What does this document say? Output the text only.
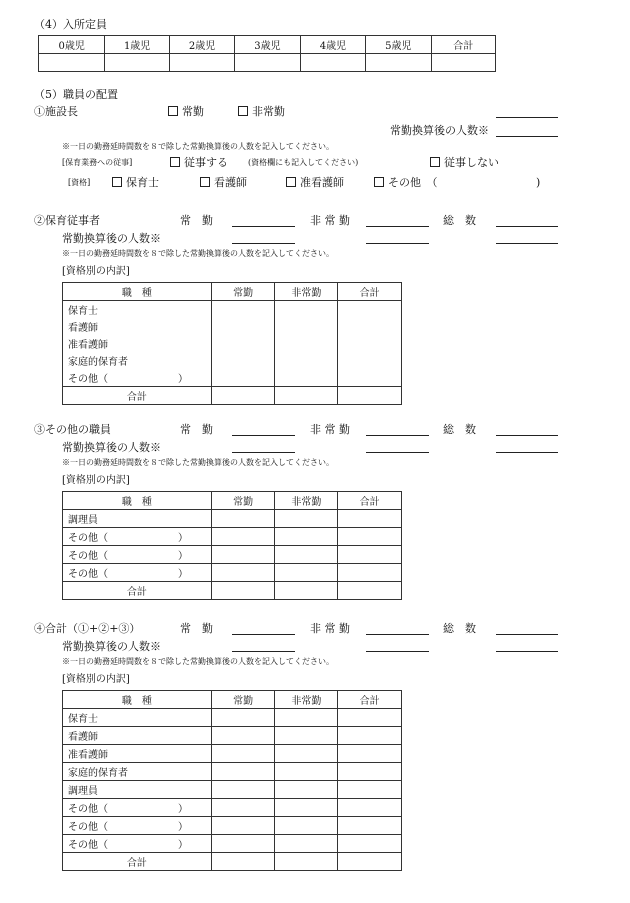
（4）入所定員
0歳児	1歳児	2歳児	3歳児	4歳児	5歳児	合計

（5）職員の配置
①施設長	常勤	非常勤
常勤換算後の人数※
※一日の勤務延時間数を８で除した常勤換算後の人数を記入してください。
[保育業務への従事]	従事する	(資格欄にも記入してください)	従事しない
[資格]	保育士	看護師	准看護師	その他　（	)
②保育従事者	常　勤	非 常 勤	総　数
常勤換算後の人数※
※一日の勤務延時間数を８で除した常勤換算後の人数を記入してください。
[資格別の内訳]
職　種	常勤	非常勤	合計
保育士			
看護師			
准看護師			
家庭的保育者			
その他（　　　　　　　）			
合計			
③その他の職員	常　勤	非 常 勤	総　数
常勤換算後の人数※
※一日の勤務延時間数を８で除した常勤換算後の人数を記入してください。
[資格別の内訳]
職　種	常勤	非常勤	合計
調理員			
その他（　　　　　　　）			
その他（　　　　　　　）			
その他（　　　　　　　）			
合計			
④合計（①+②+③）	常　勤	非 常 勤	総　数
常勤換算後の人数※
※一日の勤務延時間数を８で除した常勤換算後の人数を記入してください。
[資格別の内訳]
職　種	常勤	非常勤	合計
保育士			
看護師			
准看護師			
家庭的保育者			
調理員			
その他（　　　　　　　）			
その他（　　　　　　　）			
その他（　　　　　　　）			
合計			
